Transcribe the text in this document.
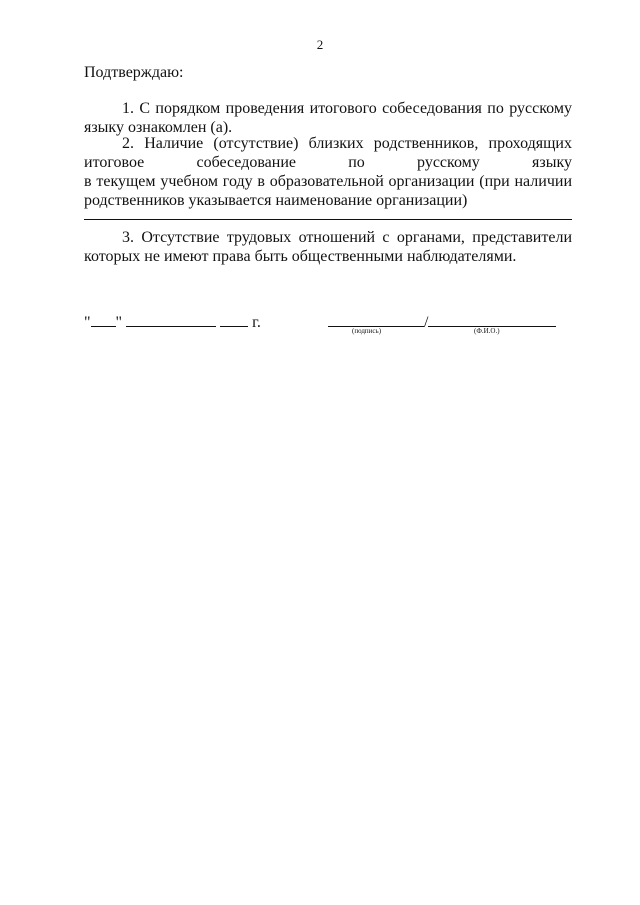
2
Подтверждаю:
1. С порядком проведения итогового собеседования по русскому
языку ознакомлен (а).
2. Наличие (отсутствие) близких родственников, проходящих
итоговое собеседование по русскому языку
в текущем учебном году в образовательной организации (при наличии
родственников указывается наименование организации)
3. Отсутствие трудовых отношений с органами, представители
которых не имеют права быть общественными наблюдателями.
" "	г.	/
(подпись)	(Ф.И.О.)
